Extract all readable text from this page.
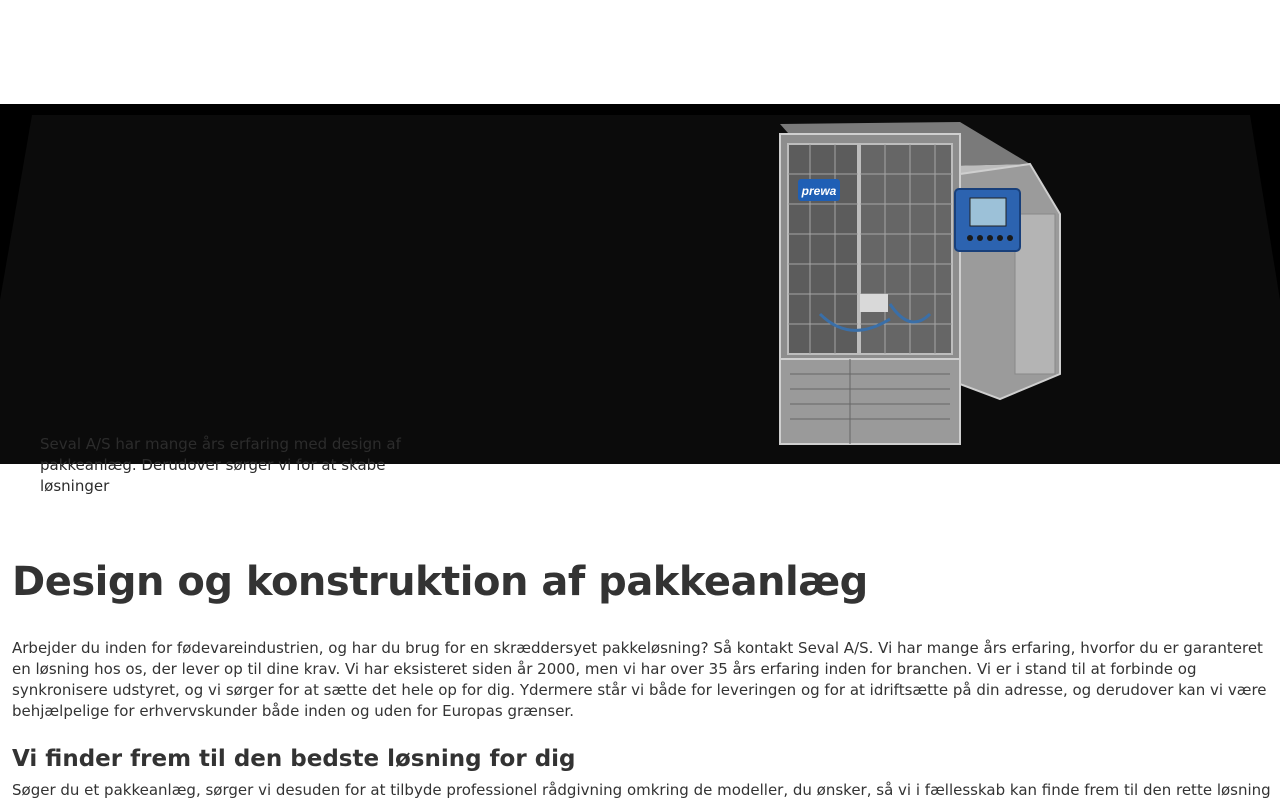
prewa
Seval A/S har mange års erfaring med design af pakkeanlæg. Derudover sørger vi for at skabe løsninger
Design og konstruktion af pakkeanlæg

Arbejder du inden for fødevareindustrien, og har du brug for en skræddersyet pakkeløsning? Så kontakt Seval A/S. Vi har mange års erfaring, hvorfor du er garanteret en løsning hos os, der lever op til dine krav. Vi har eksisteret siden år 2000, men vi har over 35 års erfaring inden for branchen. Vi er i stand til at forbinde og synkronisere udstyret, og vi sørger for at sætte det hele op for dig. Ydermere står vi både for leveringen og for at idriftsætte på din adresse, og derudover kan vi være behjælpelige for erhvervskunder både inden og uden for Europas grænser.

Vi finder frem til den bedste løsning for dig

Søger du et pakkeanlæg, sørger vi desuden for at tilbyde professionel rådgivning omkring de modeller, du ønsker, så vi i fællesskab kan finde frem til den rette løsning
